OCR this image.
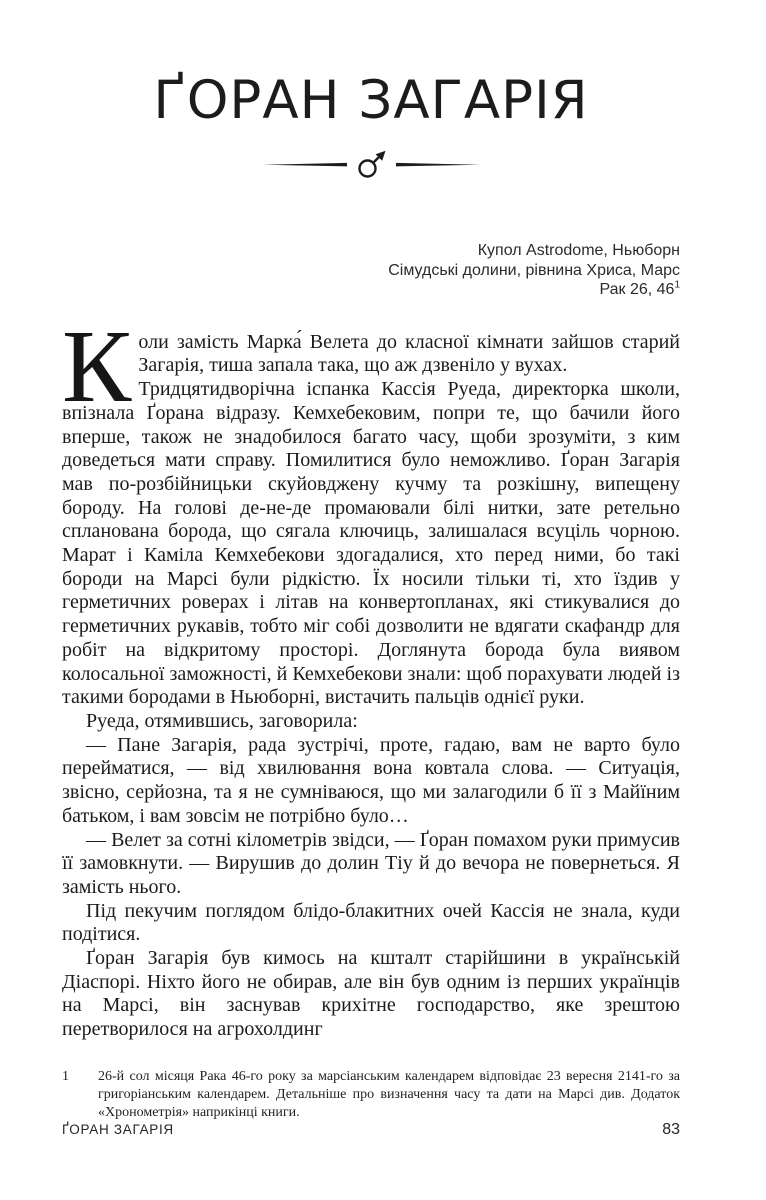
ҐОРАН ЗАГАРІЯ
Купол Astrodome, Ньюборн
Сімудські долини, рівнина Хриса, Марс
Рак 26, $46^1$
К оли замість Марка́ Велета до класної кімнати зайшов старий Загарія, тиша запала така, що аж дзвеніло у вухах.

Тридцятидворічна іспанка Кассія Руеда, директорка школи, впізнала Ґорана відразу. Кемхебековим, попри те, що бачили його вперше, також не знадобилося багато часу, щоби зрозуміти, з ким доведеться мати справу. Помилитися було неможливо. Ґоран Загарія мав по-розбійницьки скуйовджену кучму та розкішну, випещену бороду. На голові де-не-де промаювали білі нитки, зате ретельно спланована борода, що сягала ключиць, залишалася всуціль чорною. Марат і Каміла Кемхебекови здогадалися, хто перед ними, бо такі бороди на Марсі були рідкістю. Їх носили тільки ті, хто їздив у герметичних роверах і літав на конвертопланах, які стикувалися до герметичних рукавів, тобто міг собі дозволити не вдягати скафандр для робіт на відкритому просторі. Доглянута борода була виявом колосальної заможності, й Кемхебекови знали: щоб порахувати людей із такими бородами в Ньюборні, вистачить пальців однієї руки.

Руеда, отямившись, заговорила:

— Пане Загарія, рада зустрічі, проте, гадаю, вам не варто було перейматися, — від хвилювання вона ковтала слова. — Ситуація, звісно, серйозна, та я не сумніваюся, що ми залагодили б її з Майїним батьком, і вам зовсім не потрібно було…

— Велет за сотні кілометрів звідси, — Ґоран помахом руки примусив її замовкнути. — Вирушив до долин Тіу й до вечора не повернеться. Я замість нього.

Під пекучим поглядом блідо-блакитних очей Кассія не знала, куди подітися.

Ґоран Загарія був кимось на кшталт старійшини в українській Діаспорі. Ніхто його не обирав, але він був одним із перших українців на Марсі, він заснував крихітне господарство, яке зрештою перетворилося на агрохолдинг

1	26-й сол місяця Рака 46-го року за марсіанським календарем відповідає 23 вересня 2141-го за григоріанським календарем. Детальніше про визначення часу та дати на Марсі див. Додаток «Хронометрія» наприкінці книги.

ҐОРАН ЗАГАРІЯ	83
